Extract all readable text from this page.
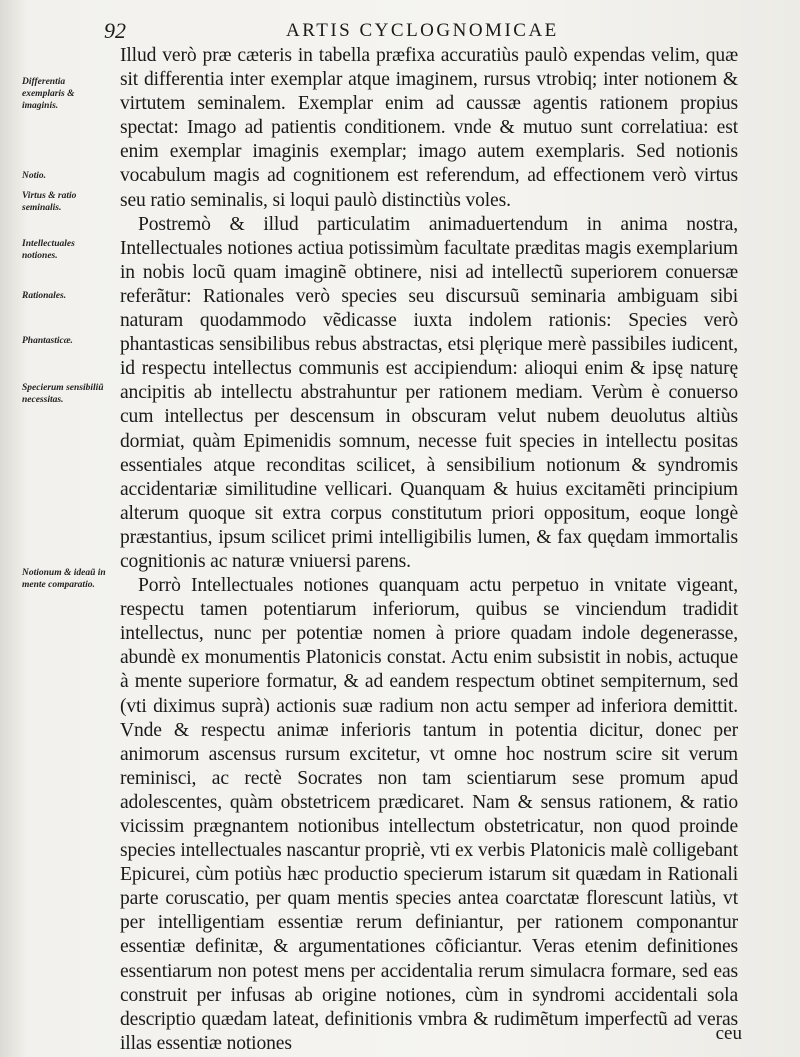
92	ARTIS CYCLOGNOMICAE
Differentia exemplaris & imaginis.
Notio.
Virtus & ratio seminalis.
Intellectuales notiones.
Rationales.
Phantasticæ.
Specierum sensibiliũ necessitas.
Notionum & ideaũ in mente comparatio.

Illud verò præ cæteris in tabella præfixa accuratiùs paulò expendas velim, quæ sit differentia inter exemplar atque imaginem, rursus vtrobiq; inter notionem & virtutem seminalem. Exemplar enim ad caussæ agentis rationem propius spectat: Imago ad patientis conditionem. vnde & mutuo sunt correlatiua: est enim exemplar imaginis exemplar; imago autem exemplaris. Sed notionis vocabulum magis ad cognitionem est referendum, ad effectionem verò virtus seu ratio seminalis, si loqui paulò distinctiùs voles.

Postremò & illud particulatim animaduertendum in anima nostra, Intellectuales notiones actiua potissimùm facultate præditas magis exemplarium in nobis locũ quam imaginẽ obtinere, nisi ad intellectũ superiorem conuersæ referãtur: Rationales verò species seu discursuũ seminaria ambiguam sibi naturam quodammodo vẽdicasse iuxta indolem rationis: Species verò phantasticas sensibilibus rebus abstractas, etsi plęrique merè passibiles iudicent, id respectu intellectus communis est accipiendum: alioqui enim & ipsę naturę ancipitis ab intellectu abstrahuntur per rationem mediam. Verùm è conuerso cum intellectus per descensum in obscuram velut nubem deuolutus altiùs dormiat, quàm Epimenidis somnum, necesse fuit species in intellectu positas essentiales atque reconditas scilicet, à sensibilium notionum & syndromis accidentariæ similitudine vellicari. Quanquam & huius excitamẽti principium alterum quoque sit extra corpus constitutum priori oppositum, eoque longè præstantius, ipsum scilicet primi intelligibilis lumen, & fax quędam immortalis cognitionis ac naturæ vniuersi parens.

Porrò Intellectuales notiones quanquam actu perpetuo in vnitate vigeant, respectu tamen potentiarum inferiorum, quibus se vinciendum tradidit intellectus, nunc per potentiæ nomen à priore quadam indole degenerasse, abundè ex monumentis Platonicis constat. Actu enim subsistit in nobis, actuque à mente superiore formatur, & ad eandem respectum obtinet sempiternum, sed (vti diximus suprà) actionis suæ radium non actu semper ad inferiora demittit. Vnde & respectu animæ inferioris tantum in potentia dicitur, donec per animorum ascensus rursum excitetur, vt omne hoc nostrum scire sit verum reminisci, ac rectè Socrates non tam scientiarum sese promum apud adolescentes, quàm obstetricem prædicaret. Nam & sensus rationem, & ratio vicissim prægnantem notionibus intellectum obstetricatur, non quod proinde species intellectuales nascantur propriè, vti ex verbis Platonicis malè colligebant Epicurei, cùm potiùs hæc productio specierum istarum sit quædam in Rationali parte coruscatio, per quam mentis species antea coarctatæ florescunt latiùs, vt per intelligentiam essentiæ rerum definiantur, per rationem componantur essentiæ definitæ, & argumentationes cõficiantur. Veras etenim definitiones essentiarum non potest mens per accidentalia rerum simulacra formare, sed eas construit per infusas ab origine notiones, cùm in syndromi accidentali sola descriptio quædam lateat, definitionis vmbra & rudimẽtum imperfectũ ad veras illas essentiæ notiones	ceu
